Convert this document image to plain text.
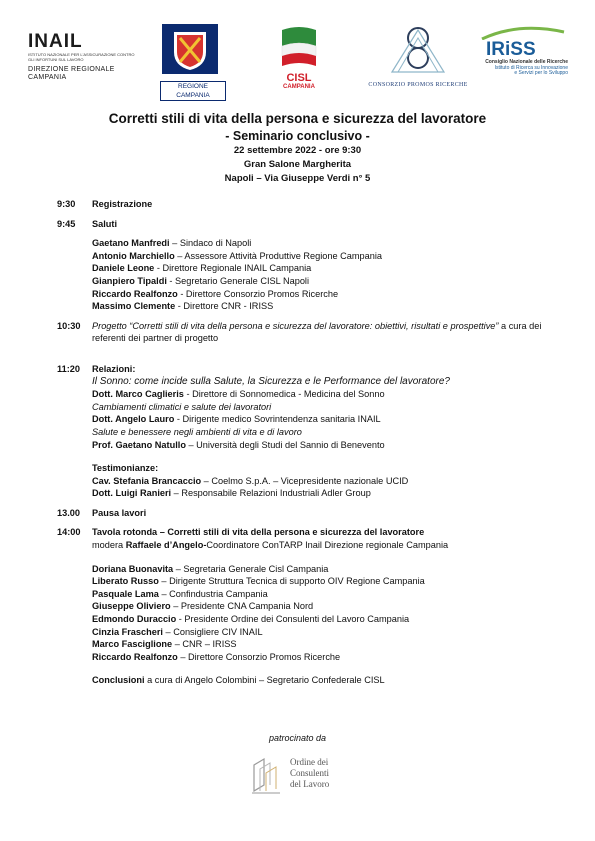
INAIL
ISTITUTO NAZIONALE PER L'ASSICURAZIONE CONTRO GLI INFORTUNI SUL LAVORO
DIREZIONE REGIONALE
CAMPANIA
REGIONE CAMPANIA
CISL
CAMPANIA	CONSORZIO PROMOS RICERCHE
IRiSS
Consiglio Nazionale delle Ricerche
Istituto di Ricerca su Innovazione
e Servizi per lo Sviluppo
Corretti stili di vita della persona e sicurezza del lavoratore
- Seminario conclusivo -
22 settembre 2022 - ore 9:30
Gran Salone Margherita
Napoli – Via Giuseppe Verdi n° 5
9:30 Registrazione
9:45 Saluti
Gaetano Manfredi – Sindaco di Napoli
Antonio Marchiello – Assessore Attività Produttive Regione Campania
Daniele Leone - Direttore Regionale INAIL Campania
Gianpiero Tipaldi - Segretario Generale CISL Napoli
Riccardo Realfonzo - Direttore Consorzio Promos Ricerche
Massimo Clemente - Direttore CNR - IRISS
10:30 Progetto “Corretti stili di vita della persona e sicurezza del lavoratore: obiettivi, risultati e prospettive” a cura dei referenti dei partner di progetto
11:20 Relazioni:
Il Sonno: come incide sulla Salute, la Sicurezza e le Performance del lavoratore?
Dott. Marco Caglieris - Direttore di Sonnomedica - Medicina del Sonno
Cambiamenti climatici e salute dei lavoratori
Dott. Angelo Lauro - Dirigente medico Sovrintendenza sanitaria INAIL
Salute e benessere negli ambienti di vita e di lavoro
Prof. Gaetano Natullo – Università degli Studi del Sannio di Benevento
Testimonianze:
Cav. Stefania Brancaccio – Coelmo S.p.A. – Vicepresidente nazionale UCID
Dott. Luigi Ranieri – Responsabile Relazioni Industriali Adler Group
13.00 Pausa lavori
14:00 Tavola rotonda – Corretti stili di vita della persona e sicurezza del lavoratore
modera Raffaele d’Angelo-Coordinatore ConTARP Inail Direzione regionale Campania
Doriana Buonavita – Segretaria Generale Cisl Campania
Liberato Russo – Dirigente Struttura Tecnica di supporto OIV Regione Campania
Pasquale Lama – Confindustria Campania
Giuseppe Oliviero – Presidente CNA Campania Nord
Edmondo Duraccio - Presidente Ordine dei Consulenti del Lavoro Campania
Cinzia Frascheri – Consigliere CIV INAIL
Marco Fasciglione – CNR – IRISS
Riccardo Realfonzo – Direttore Consorzio Promos Ricerche
Conclusioni a cura di Angelo Colombini – Segretario Confederale CISL
patrocinato da
Ordine dei
Consulenti
del Lavoro
